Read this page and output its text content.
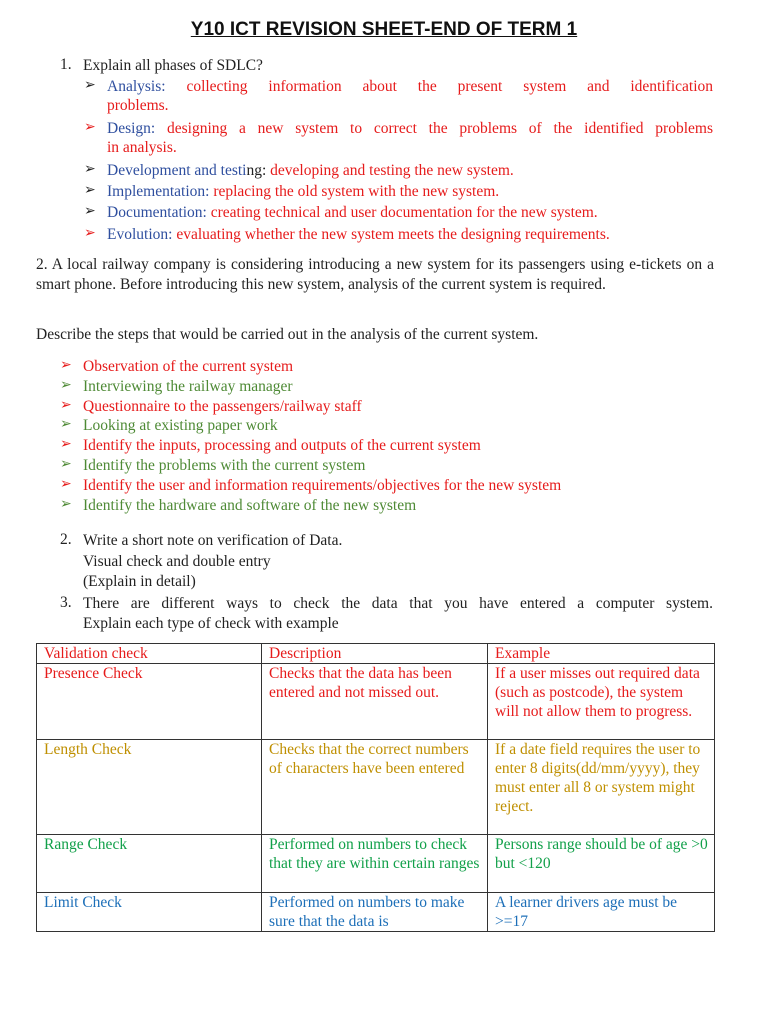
Y10 ICT REVISION SHEET-END OF TERM 1
1. Explain all phases of SDLC?
➢ Analysis: collecting information about the present system and identification
problems.
➢ Design: designing a new system to correct the problems of the identified problems
in analysis.
➢ Development and testing: developing and testing the new system.
➢ Implementation: replacing the old system with the new system.
➢ Documentation: creating technical and user documentation for the new system.
➢ Evolution: evaluating whether the new system meets the designing requirements.
2. A local railway company is considering introducing a new system for its passengers using e-tickets on a smart phone. Before introducing this new system, analysis of the current system is required.
Describe the steps that would be carried out in the analysis of the current system.
➢ Observation of the current system
➢ Interviewing the railway manager
➢ Questionnaire to the passengers/railway staff
➢ Looking at existing paper work
➢ Identify the inputs, processing and outputs of the current system
➢ Identify the problems with the current system
➢ Identify the user and information requirements/objectives for the new system
➢ Identify the hardware and software of the new system
2. Write a short note on verification of Data.
Visual check and double entry
(Explain in detail)
3. There are different ways to check the data that you have entered a computer system.
Explain each type of check with example
Validation check	Description	Example
Presence Check	Checks that the data has been entered and not missed out.	If a user misses out required data (such as postcode), the system will not allow them to progress.
Length Check	Checks that the correct numbers of characters have been entered	If a date field requires the user to enter 8 digits(dd/mm/yyyy), they must enter all 8 or system might reject.
Range Check	Performed on numbers to check that they are within certain ranges	Persons range should be of age >0 but <120
Limit Check	Performed on numbers to make sure that the data is	A learner drivers age must be >=17
